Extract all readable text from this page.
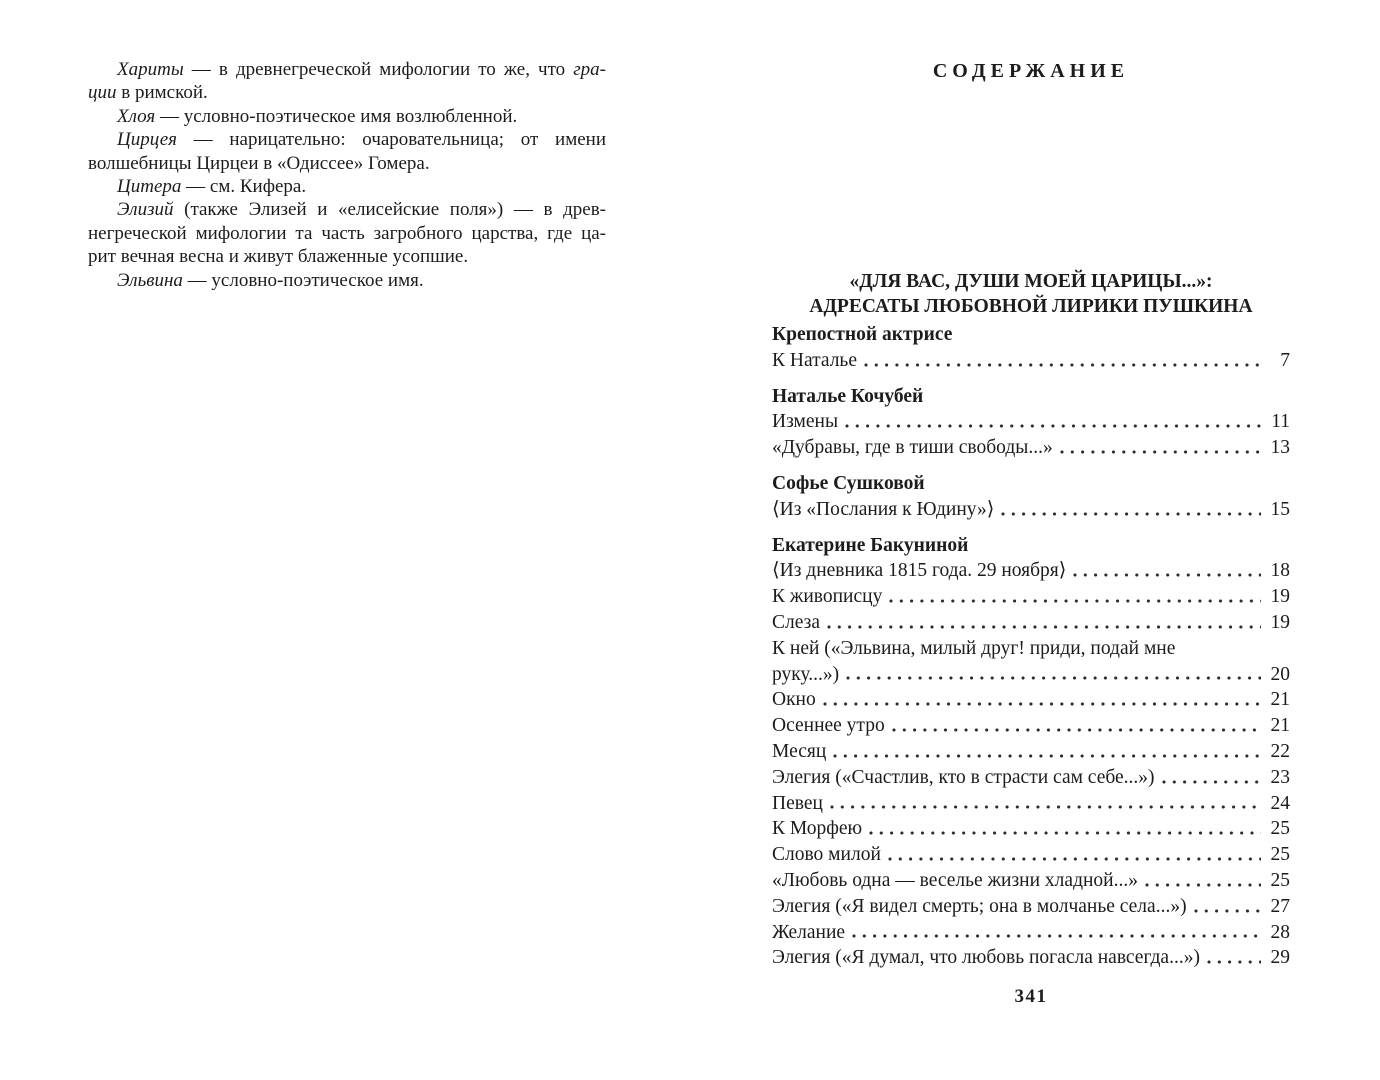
Хариты — в древнегреческой мифологии то же, что гра-
ции в римской.
Хлоя — условно-поэтическое имя возлюбленной.
Цирцея — нарицательно: очаровательница; от имени
волшебницы Цирцеи в «Одиссее» Гомера.
Цитера — см. Кифера.
Элизий (также Элизей и «елисейские поля») — в древ-
негреческой мифологии та часть загробного царства, где ца-
рит вечная весна и живут блаженные усопшие.
Эльвина — условно-поэтическое имя.
СОДЕРЖАНИЕ
«ДЛЯ ВАС, ДУШИ МОЕЙ ЦАРИЦЫ...»:
АДРЕСАТЫ ЛЮБОВНОЙ ЛИРИКИ ПУШКИНА
Крепостной актрисе
К Наталье	7
Наталье Кочубей
Измены	11
«Дубравы, где в тиши свободы...»	13
Софье Сушковой
⟨Из «Послания к Юдину»⟩	15
Екатерине Бакуниной
⟨Из дневника 1815 года. 29 ноября⟩	18
К живописцу	19
Слеза	19
К ней («Эльвина, милый друг! приди, подай мне
руку...»)	20
Окно	21
Осеннее утро	21
Месяц	22
Элегия («Счастлив, кто в страсти сам себе...»)	23
Певец	24
К Морфею	25
Слово милой	25
«Любовь одна — веселье жизни хладной...»	25
Элегия («Я видел смерть; она в молчанье села...»)	27
Желание	28
Элегия («Я думал, что любовь погасла навсегда...»)	29
341
